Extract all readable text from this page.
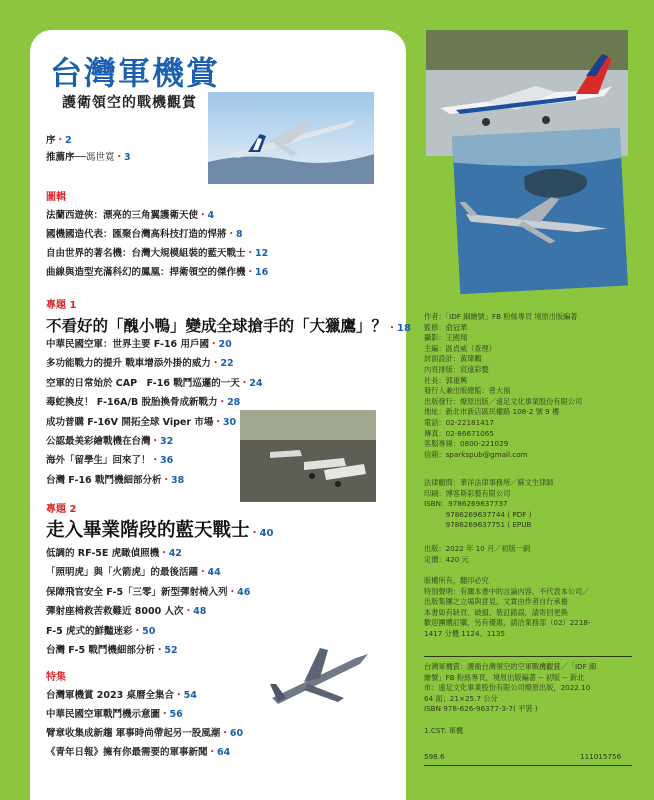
台灣軍機賞
護衛領空的戰機觀賞
序・2
推薦序──馮世寬・3
圖輯
法蘭西遊俠：漂亮的三角翼護衛天使・4
國機國造代表：匯聚台灣高科技打造的悍將・8
自由世界的著名機：台灣大規模組裝的藍天戰士・12
曲線與造型充滿科幻的鳳凰：捍衛領空的傑作機・16
專題 1
不看好的「醜小鴨」變成全球搶手的「大獵鷹」？・18
中華民國空軍：世界主要 F-16 用戶國・20
多功能戰力的提升 戰車增添外掛的威力・22
空軍的日常始於 CAP　F-16 戰鬥巡邏的一天・24
毒蛇換皮！ F-16A/B 脫胎換骨成新戰力・28
成功普購 F-16V 開拓全球 Viper 市場・30
公認最美彩繪戰機在台灣・32
海外「留學生」回來了！・36
台灣 F-16 戰鬥機細部分析・38
專題 2
走入畢業階段的藍天戰士・40
低調的 RF-5E 虎瞰偵照機・42
「照明虎」與「火箭虎」的最後活躍・44
保障飛官安全 F-5「三零」新型彈射椅入列・46
彈射座椅救苦救難近 8000 人次・48
F-5 虎式的鮮豔迷彩・50
台灣 F-5 戰鬥機細部分析・52
特集
台灣軍機賞 2023 桌曆全集合・54
中華民國空軍戰鬥機示意圖・56
臂章收集成新趨 軍事時尚帶起另一股風潮・60
《青年日報》擁有你最需要的軍事新聞・64
作者：「IDF 細繪號」FB 粉絲專頁 境原出版編著
監修：俞冠華
攝影：王國翔
主編：區貞威（查理）
封面設計：黃瑋鵬
內頁排版：宸遠彩藝
社長：郭重興
發行人兼出版總監：曾大福
出版發行：燎原出版／遠足文化事業股份有限公司
地址：新北市新店區民權路 108-2 號 9 樓
電話：02-22181417
傳真：02-86671065
客服專線：0800-221029
信箱：sparkspub@gmail.com
法律顧問：華洋法律事務所／蘇文生律師
印刷：博客斯彩藝有限公司
ISBN：9786269637737
　　　9786269637744 ( PDF )
　　　9786269637751 ( EPUB
出版：2022 年 10 月／初版一刷
定價：420 元
版權所有，翻印必究
特別聲明：有關本書中的言論內容，不代表本公司／
出版集團之立場與意見，文責由作者自行承擔
本書如有缺頁、破損、裝訂錯誤，請寄回更換
歡迎團體訂購，另有優惠，請洽業務部（02）2218-
1417 分機 1124、1135
台灣軍機賞：護衛台灣領空的空軍戰機觀賞／「IDF 細
繪號」FB 粉絲專頁，境原出版編著 -- 初版 -- 新北
市：遠足文化事業股份有限公司燎原出版，2022.10
64 面；21×25.7 公分
ISBN 978-626-96377-3-7( 平裝 )

1.CST: 軍機
598.6	111015756
